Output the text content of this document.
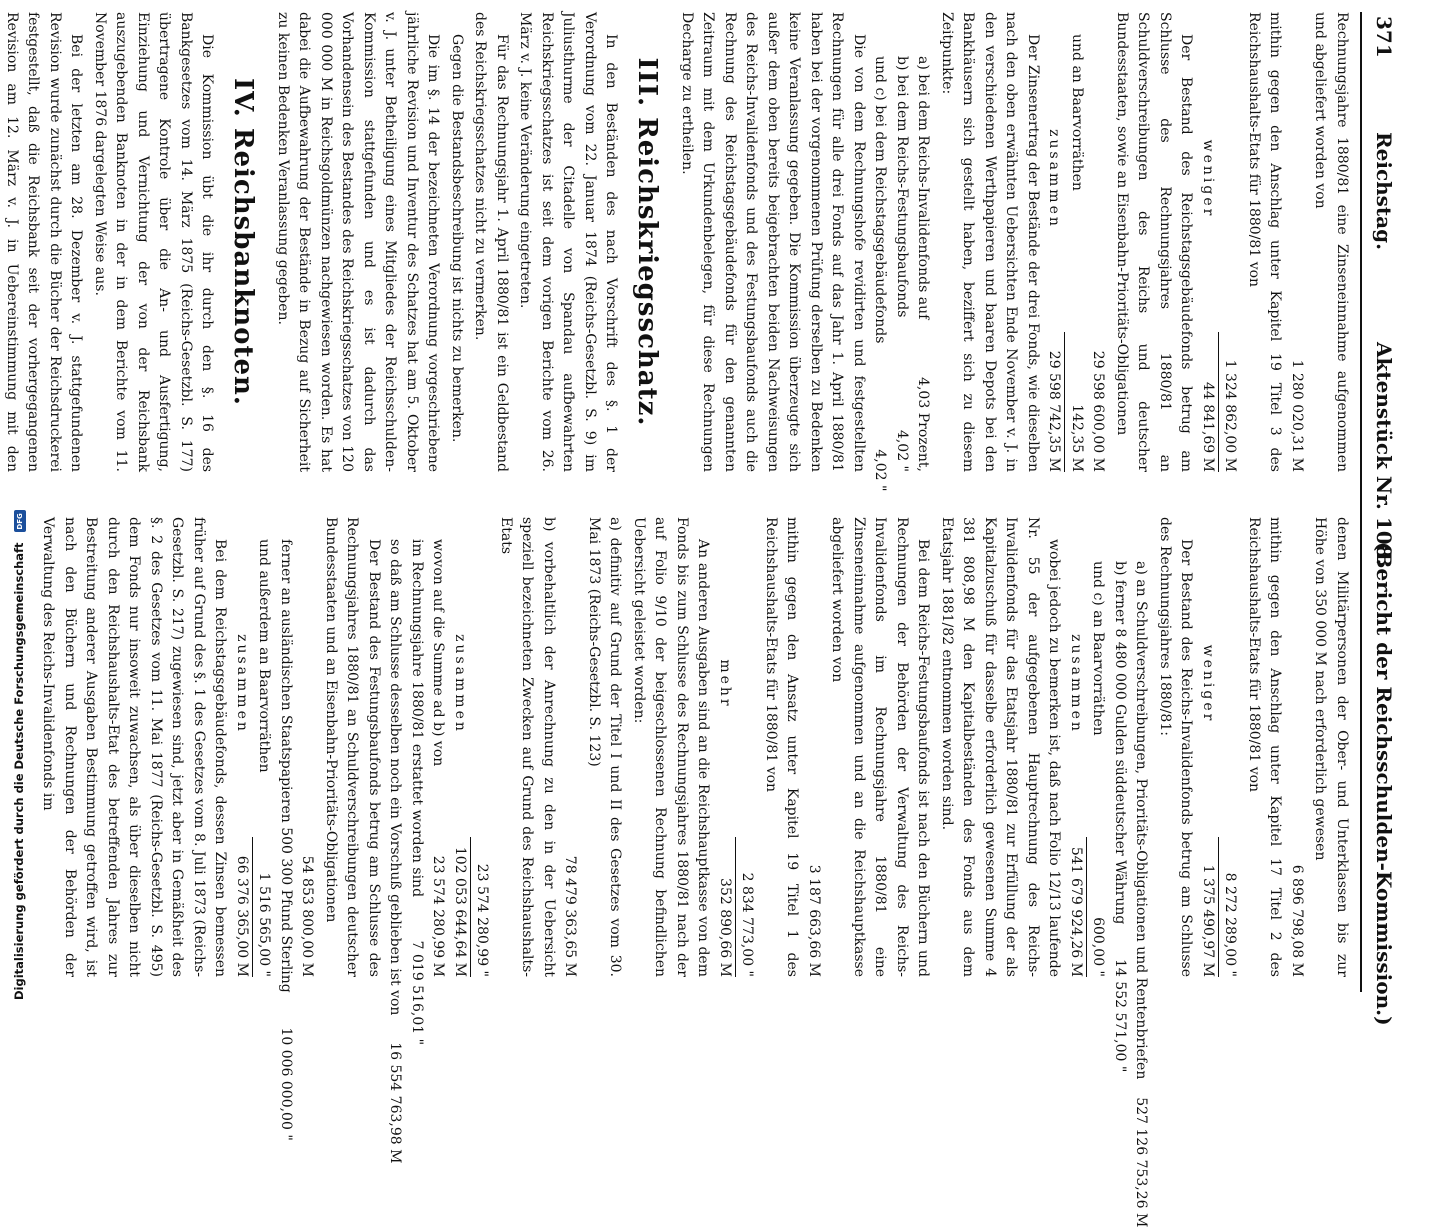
371
Reichstag.
Aktenstück Nr. 108.
(Bericht der Reichsschulden-Kommission.)

Rechnungsjahre 1880/81 eine Zinseneinnahme aufgenommen und abgeliefert worden von

1 280 020,31 M

mithin gegen den Anschlag unter Kapitel 19 Titel 3 des Reichshaushalts-Etats für 1880/81 von

1 324 862,00 M
weniger
44 841,69 M

Der Bestand des Reichstagsgebäudefonds betrug am Schlusse des Rechnungsjahres 1880/81 an Schuldverschreibungen des Reichs und deutscher Bundesstaaten, sowie an Eisenbahn-Prioritäts-Obligationen

29 598 600,00 M
und an Baarvorräthen
142,35 M
zusammen
29 598 742,35 M

Der Zinsenertrag der Bestände der drei Fonds, wie dieselben nach den oben erwähnten Uebersichten Ende November v. J. in den verschiedenen Werthpapieren und baaren Depots bei den Bankhäusern sich gestellt haben, beziffert sich zu diesem Zeitpunkte:

a) bei dem Reichs-Invalidenfonds auf
4,03 Prozent,
b) bei dem Reichs-Festungsbaufonds
4,02 "
und c) bei dem Reichstagsgebäudefonds
4,02 "

Die von dem Rechnungshofe revidirten und festgestellten Rechnungen für alle drei Fonds auf das Jahr 1. April 1880/81 haben bei der vorgenommenen Prüfung derselben zu Bedenken keine Veranlassung gegeben. Die Kommission überzeugte sich außer dem oben bereits beigebrachten beiden Nachweisungen des Reichs-Invalidenfonds und des Festungsbaufonds auch die Rechnung des Reichstagsgebäudefonds für den genannten Zeitraum mit dem Urkundenbelegen, für diese Rechnungen Decharge zu ertheilen.

III. Reichskriegsschatz.

In den Beständen des nach Vorschrift des §. 1 der Verordnung vom 22. Januar 1874 (Reichs-Gesetzbl. S. 9) im Juliusthurme der Citadelle von Spandau aufbewahrten Reichskriegsschatzes ist seit dem vorigen Berichte vom 26. März v. J. keine Veränderung eingetreten.

Für das Rechnungsjahr 1. April 1880/81 ist ein Geldbestand des Reichskriegsschatzes nicht zu vermerken.

Gegen die Bestandsbeschreibung ist nichts zu bemerken.

Die im §. 14 der bezeichneten Verordnung vorgeschriebene jährliche Revision und Inventur des Schatzes hat am 5. Oktober v. J. unter Betheiligung eines Mitgliedes der Reichsschulden-Kommission stattgefunden und es ist dadurch das Vorhandensein des Bestandes des Reichskriegsschatzes von 120 000 000 M in Reichsgoldmünzen nachgewiesen worden. Es hat dabei die Aufbewahrung der Bestände in Bezug auf Sicherheit zu keinen Bedenken Veranlassung gegeben.

IV. Reichsbanknoten.

Die Kommission übt die ihr durch den §. 16 des Bankgesetzes vom 14. März 1875 (Reichs-Gesetzbl. S. 177) übertragene Kontrole über die An- und Ausfertigung, Einziehung und Vernichtung der von der Reichsbank auszugebenden Banknoten in der in dem Berichte vom 11. November 1876 dargelegten Weise aus.

Bei der letzten am 28. Dezember v. J. stattgefundenen Revision wurde zunächst durch die Bücher der Reichsdruckerei festgestellt, daß die Reichsbank seit der vorhergegangenen Revision am 12. März v. J. in Uebereinstimmung mit den

denen Militärpersonen der Ober- und Unterklassen bis zur Höhe von 350 000 M nach erforderlich gewesen

6 896 798,08 M

mithin gegen den Anschlag unter Kapitel 17 Titel 2 des Reichshaushalts-Etats für 1880/81 von

8 272 289,00 "
weniger
1 375 490,97 M

Der Bestand des Reichs-Invalidenfonds betrug am Schlusse des Rechnungsjahres 1880/81:

a) an Schuldverschreibungen, Prioritäts-Obligationen und Rentenbriefen
527 126 753,26 M
b) ferner 8 480 000 Gulden süddeutscher Währung
14 552 571,00 "
und c) an Baarvorräthen
600,00 "
zusammen
541 679 924,26 M

wobei jedoch zu bemerken ist, daß nach Folio 12/13 laufende Nr. 55 der aufgegebenen Hauptrechnung des Reichs-Invalidenfonds für das Etatsjahr 1880/81 zur Erfüllung der als Kapitalzuschuß für dasselbe erforderlich gewesenen Summe 4 381 808,98 M den Kapitalbeständen des Fonds aus dem Etatsjahr 1881/82 entnommen worden sind.

Bei dem Reichs-Festungsbaufonds ist nach den Büchern und Rechnungen der Behörden der Verwaltung des Reichs-Invalidenfonds im Rechnungsjahre 1880/81 eine Zinseneinnahme aufgenommen und an die Reichshauptkasse abgeliefert worden von

3 187 663,66 M

mithin gegen den Ansatz unter Kapitel 19 Titel 1 des Reichshaushalts-Etats für 1880/81 von

2 834 773,00 "
mehr
352 890,66 M

An anderen Ausgaben sind an die Reichshauptkasse von dem Fonds bis zum Schlusse des Rechnungsjahres 1880/81 nach der auf Folio 9/10 der beigeschlossenen Rechnung befindlichen Uebersicht geleistet worden:

a) definitiv auf Grund der Titel I und II des Gesetzes vom 30. Mai 1873 (Reichs-Gesetzbl. S. 123)

78 479 363,65 M

b) vorbehaltlich der Anrechnung zu den in der Uebersicht speziell bezeichneten Zwecken auf Grund des Reichshaushalts-Etats

23 574 280,99 "
zusammen
102 053 644,64 M
wovon auf die Summe ad b) von
23 574 280,99 M
im Rechnungsjahre 1880/81 erstattet worden sind
7 019 516,01 "
so daß am Schlusse desselben noch ein Vorschuß geblieben ist von
16 554 763,98 M

Der Bestand des Festungsbaufonds betrug am Schlusse des Rechnungsjahres 1880/81 an Schuldverschreibungen deutscher Bundesstaaten und an Eisenbahn-Prioritäts-Obligationen

54 853 800,00 M
ferner an ausländischen Staatspapieren 500 300 Pfund Sterling
10 006 000,00 "
und außerdem an Baarvorräthen
1 516 565,00 "
zusammen
66 376 365,00 M

Bei dem Reichstagsgebäudefonds, dessen Zinsen bemessen früher auf Grund des §. 1 des Gesetzes vom 8. Juli 1873 (Reichs-Gesetzbl. S. 217) zugewiesen sind, jetzt aber in Gemäßheit des §. 2 des Gesetzes vom 11. Mai 1877 (Reichs-Gesetzbl. S. 495) dem Fonds nur insoweit zuwachsen, als über dieselben nicht durch den Reichshaushalts-Etat des betreffenden Jahres zur Bestreitung anderer Ausgaben Bestimmung getroffen wird, ist nach den Büchern und Rechnungen der Behörden der Verwaltung des Reichs-Invalidenfonds im

Digitalisierung gefördert durch die Deutsche Forschungsgemeinschaft DFG
